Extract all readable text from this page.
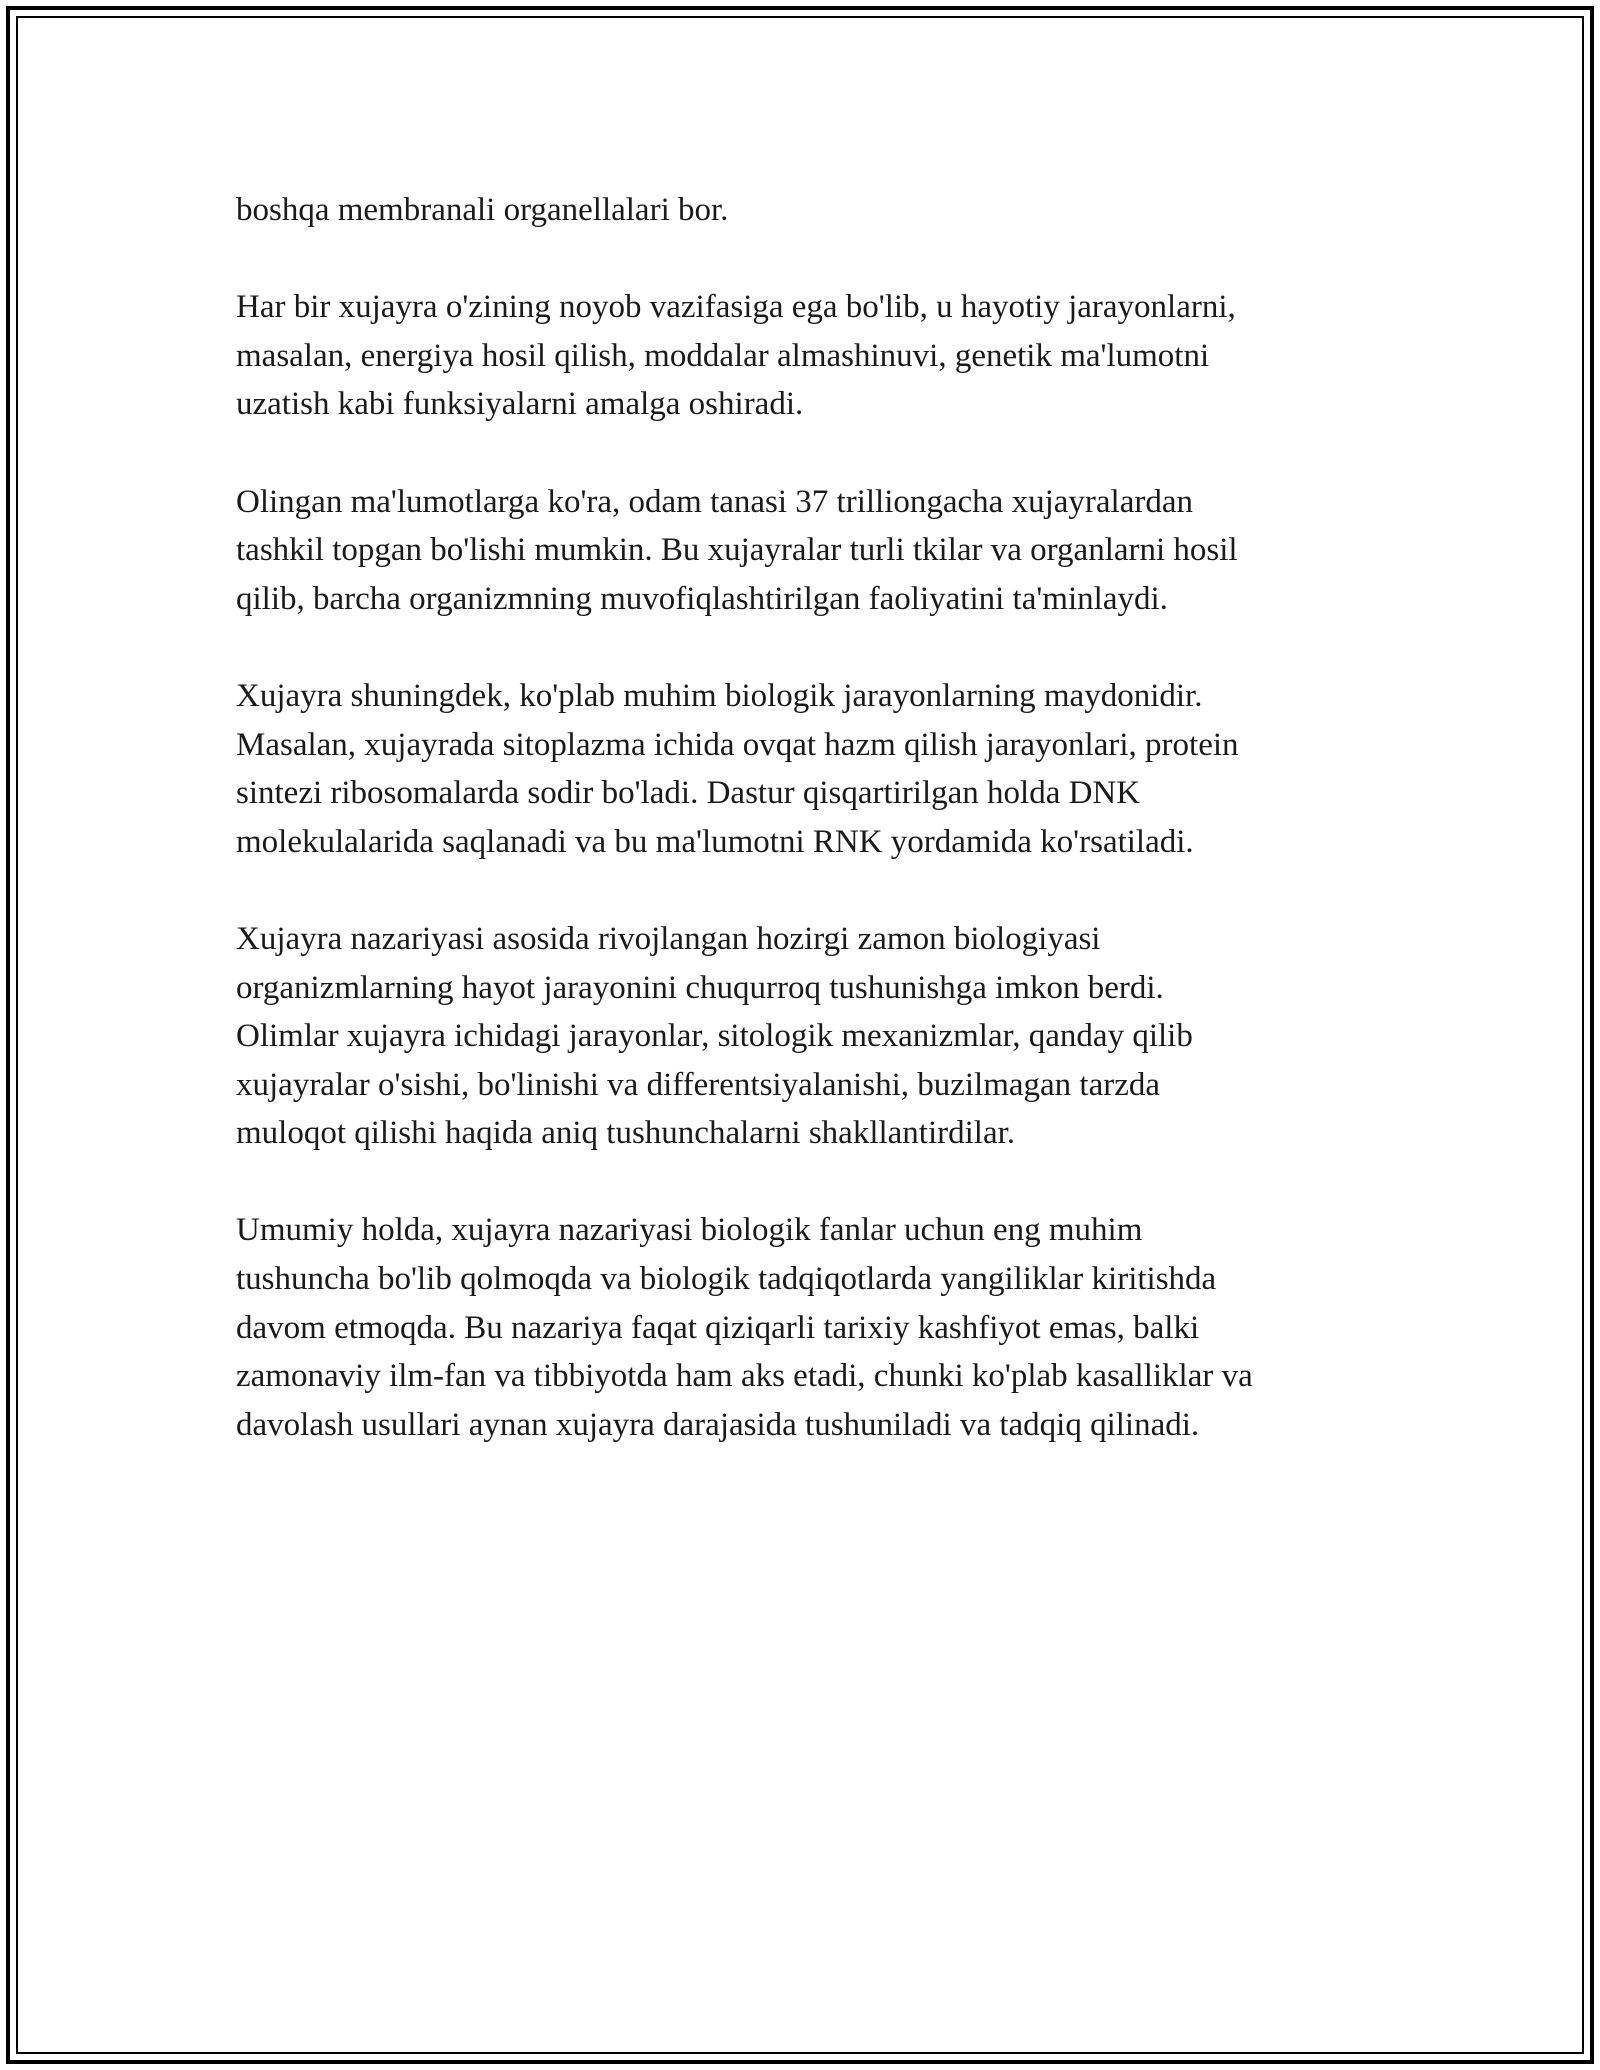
boshqa membranali organellalari bor.

Har bir xujayra o'zining noyob vazifasiga ega bo'lib, u hayotiy jarayonlarni,
masalan, energiya hosil qilish, moddalar almashinuvi, genetik ma'lumotni
uzatish kabi funksiyalarni amalga oshiradi.

Olingan ma'lumotlarga ko'ra, odam tanasi 37 trilliongacha xujayralardan
tashkil topgan bo'lishi mumkin. Bu xujayralar turli tkilar va organlarni hosil
qilib, barcha organizmning muvofiqlashtirilgan faoliyatini ta'minlaydi.

Xujayra shuningdek, ko'plab muhim biologik jarayonlarning maydonidir.
Masalan, xujayrada sitoplazma ichida ovqat hazm qilish jarayonlari, protein
sintezi ribosomalarda sodir bo'ladi. Dastur qisqartirilgan holda DNK
molekulalarida saqlanadi va bu ma'lumotni RNK yordamida ko'rsatiladi.

Xujayra nazariyasi asosida rivojlangan hozirgi zamon biologiyasi
organizmlarning hayot jarayonini chuqurroq tushunishga imkon berdi.
Olimlar xujayra ichidagi jarayonlar, sitologik mexanizmlar, qanday qilib
xujayralar o'sishi, bo'linishi va differentsiyalanishi, buzilmagan tarzda
muloqot qilishi haqida aniq tushunchalarni shakllantirdilar.

Umumiy holda, xujayra nazariyasi biologik fanlar uchun eng muhim
tushuncha bo'lib qolmoqda va biologik tadqiqotlarda yangiliklar kiritishda
davom etmoqda. Bu nazariya faqat qiziqarli tarixiy kashfiyot emas, balki
zamonaviy ilm-fan va tibbiyotda ham aks etadi, chunki ko'plab kasalliklar va
davolash usullari aynan xujayra darajasida tushuniladi va tadqiq qilinadi.
